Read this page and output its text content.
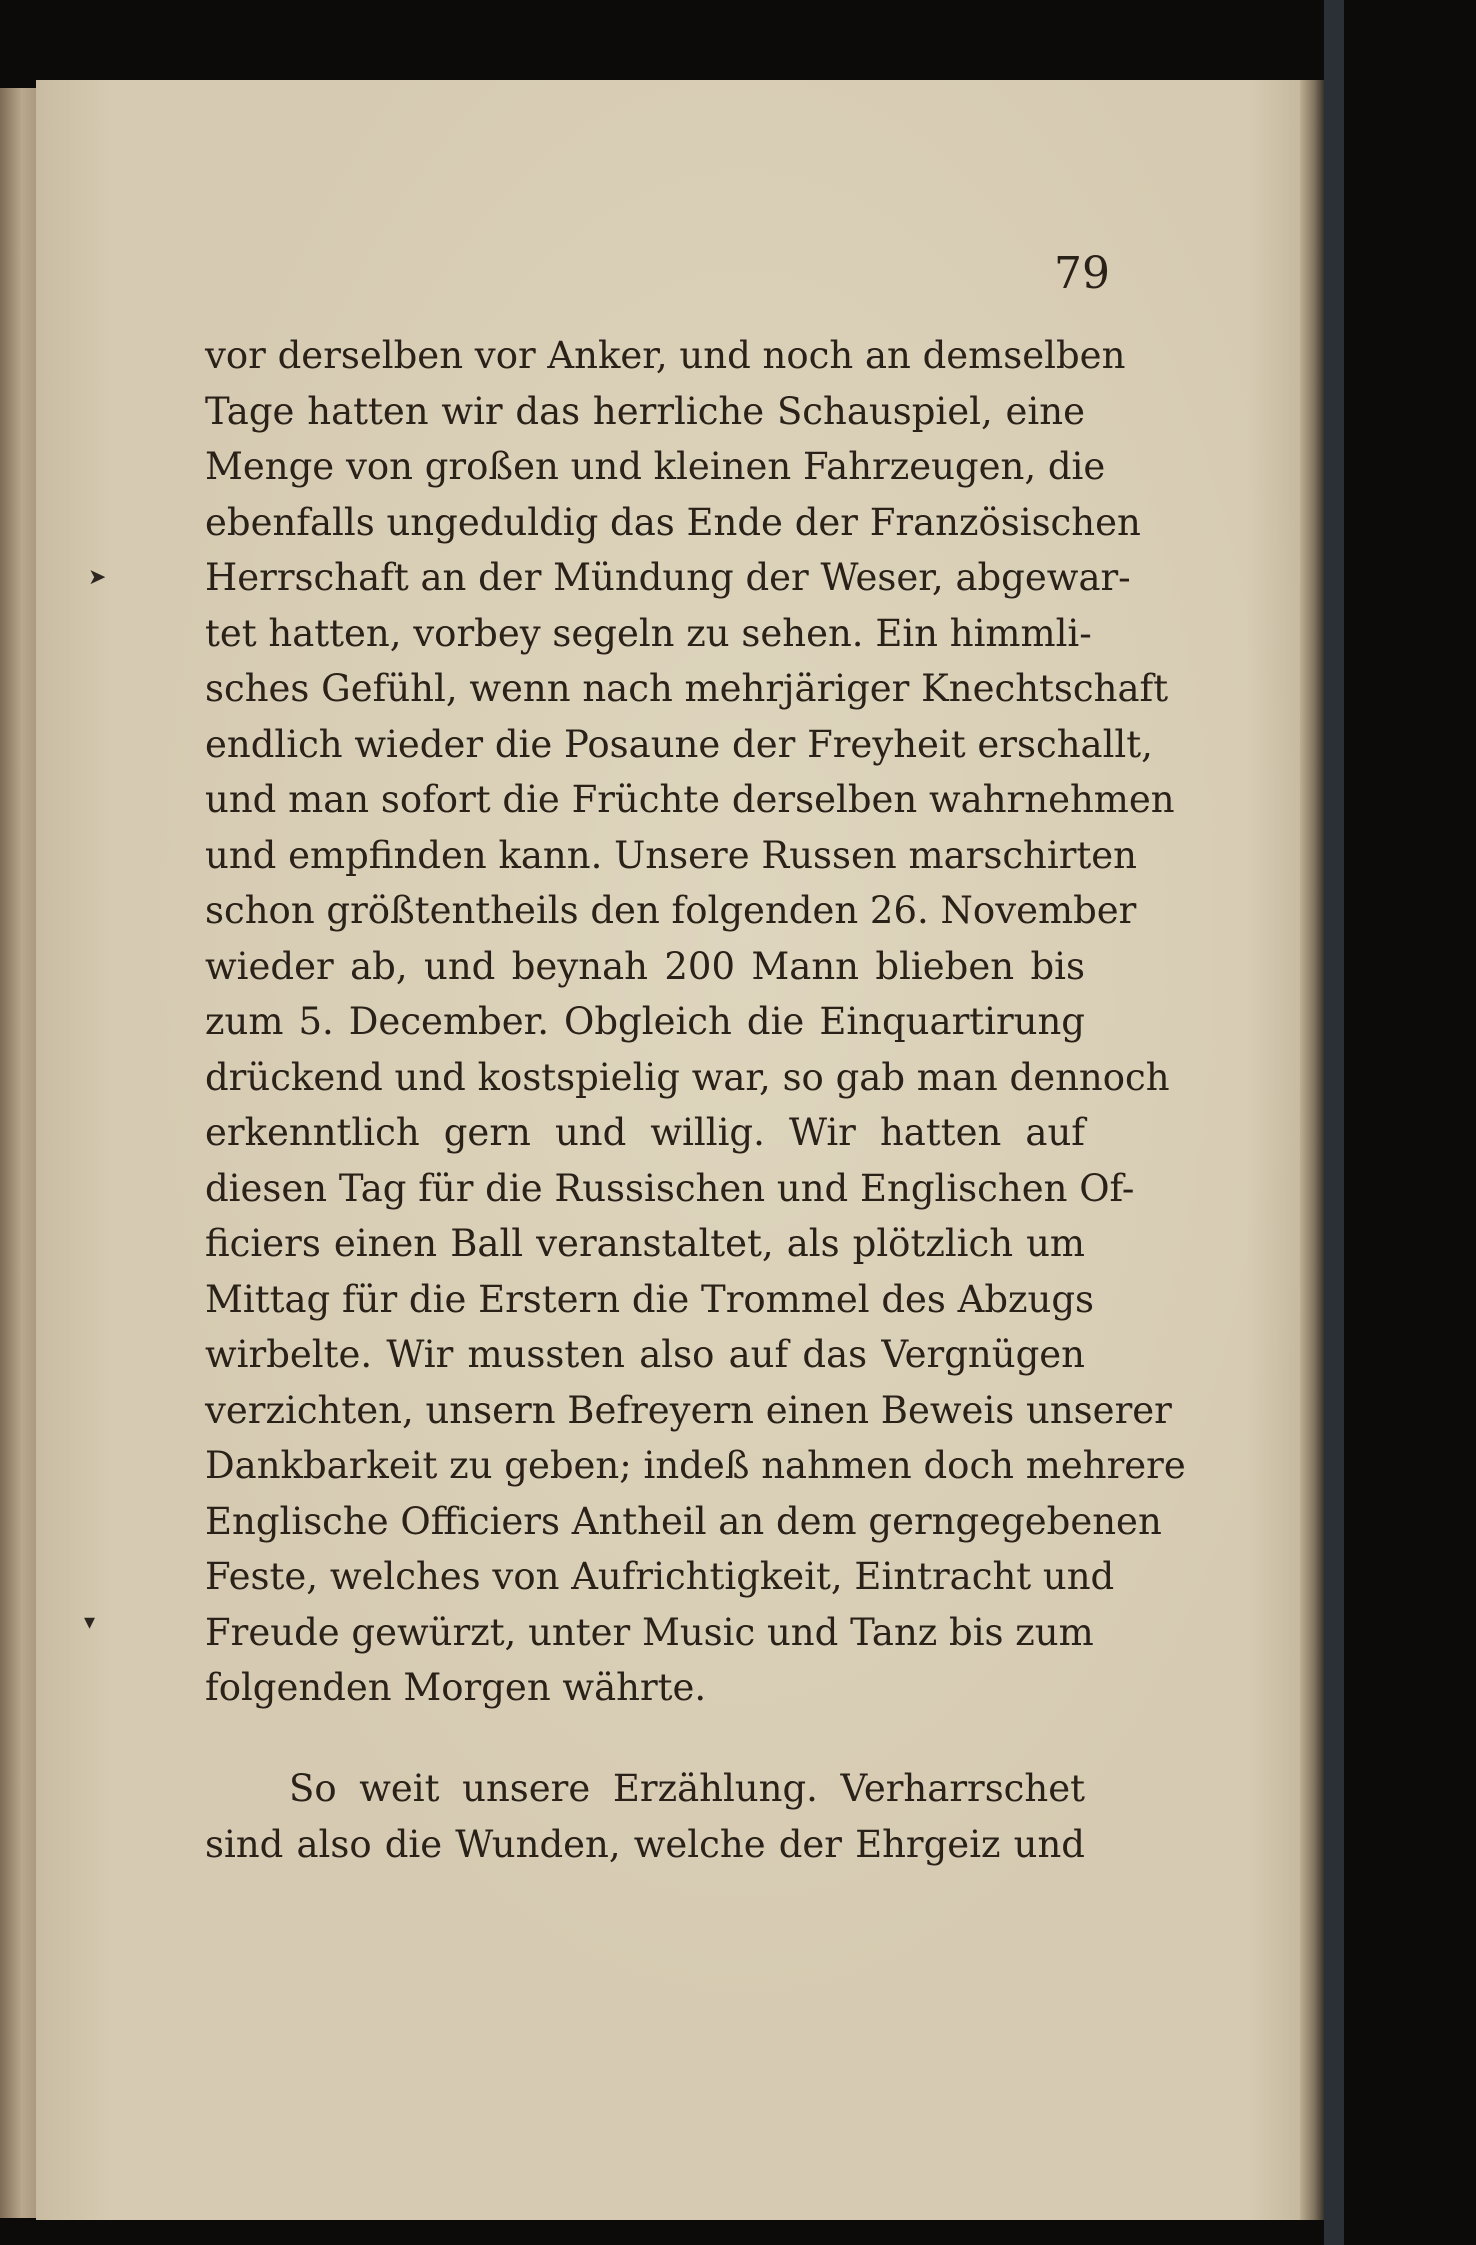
➤
▾
79
vor derselben vor Anker, und noch an demselben
Tage hatten wir das herrliche Schauspiel, eine
Menge von großen und kleinen Fahrzeugen, die
ebenfalls ungeduldig das Ende der Französischen
Herrschaft an der Mündung der Weser, abgewar-
tet hatten, vorbey segeln zu sehen. Ein himmli-
sches Gefühl, wenn nach mehrjäriger Knechtschaft
endlich wieder die Posaune der Freyheit erschallt,
und man sofort die Früchte derselben wahrnehmen
und empfinden kann. Unsere Russen marschirten
schon größtentheils den folgenden 26. November
wieder ab, und beynah 200 Mann blieben bis
zum 5. December. Obgleich die Einquartirung
drückend und kostspielig war, so gab man dennoch
erkenntlich gern und willig. Wir hatten auf
diesen Tag für die Russischen und Englischen Of-
ficiers einen Ball veranstaltet, als plötzlich um
Mittag für die Erstern die Trommel des Abzugs
wirbelte. Wir mussten also auf das Vergnügen
verzichten, unsern Befreyern einen Beweis unserer
Dankbarkeit zu geben; indeß nahmen doch mehrere
Englische Officiers Antheil an dem gerngegebenen
Feste, welches von Aufrichtigkeit, Eintracht und
Freude gewürzt, unter Music und Tanz bis zum
folgenden Morgen währte.
So weit unsere Erzählung. Verharrschet
sind also die Wunden, welche der Ehrgeiz und
